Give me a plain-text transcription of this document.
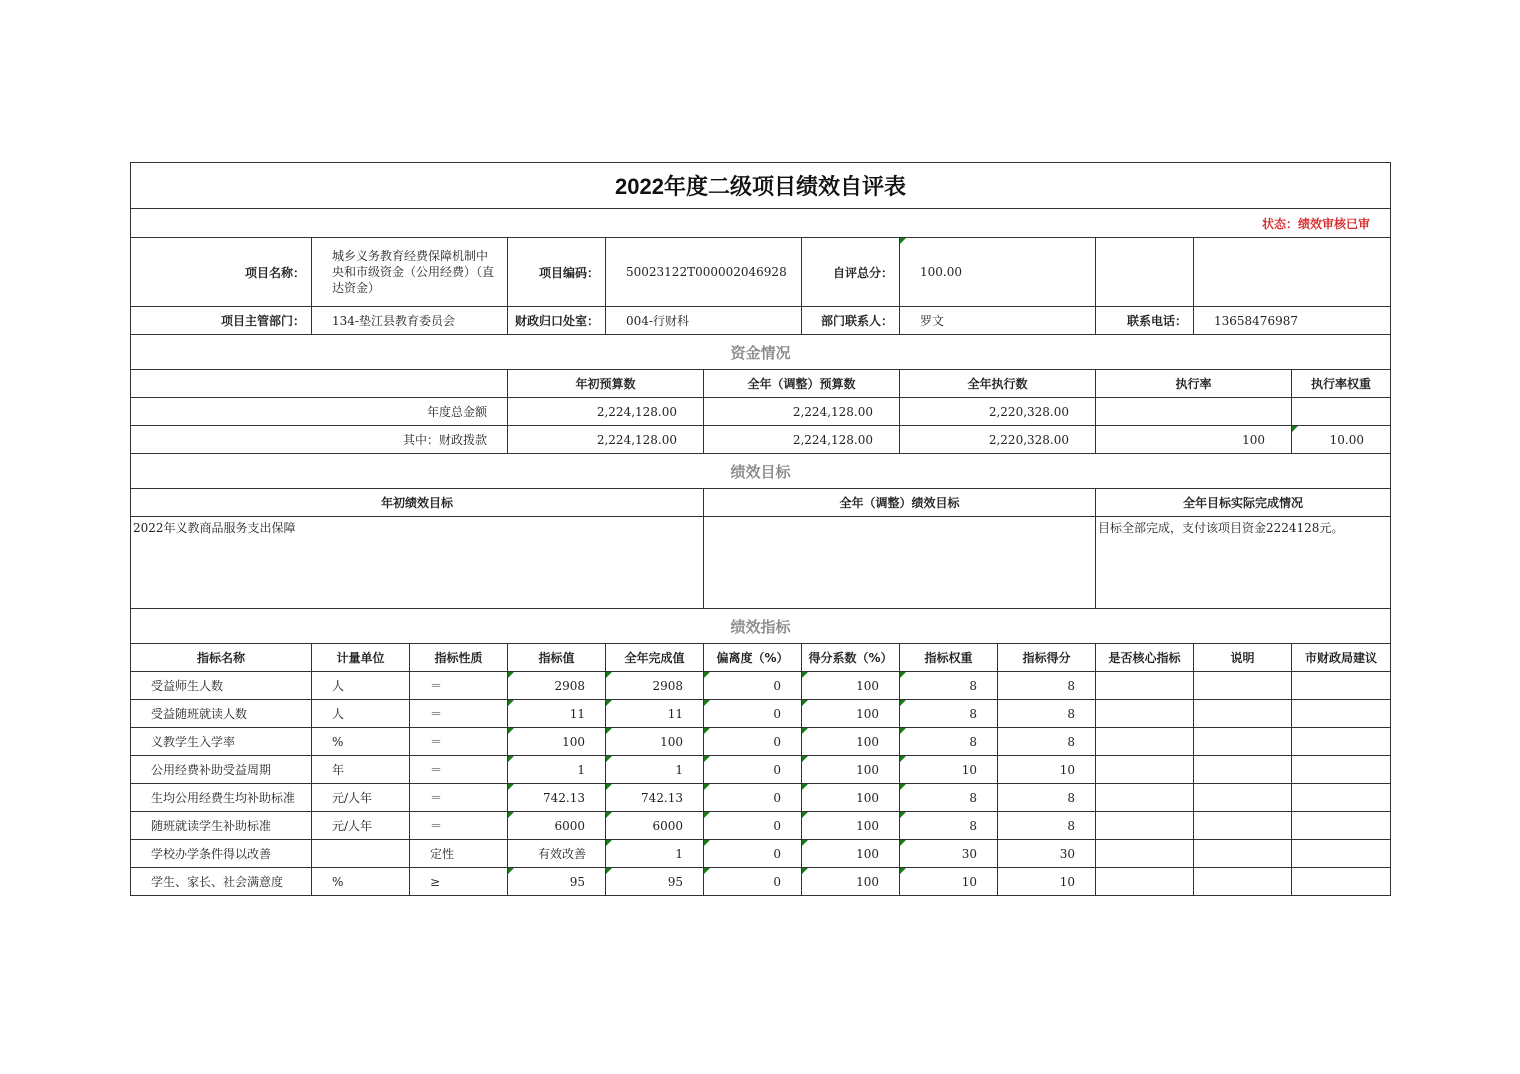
2022年度二级项目绩效自评表												
状态：绩效审核已审												
项目名称：	城乡义务教育经费保障机制中央和市级资金（公用经费）（直达资金）		项目编码：	50023122T000002046928		自评总分：	100.00					
项目主管部门：	134-垫江县教育委员会		财政归口处室：	004-行财科		部门联系人：	罗文		联系电话：	13658476987		
资金情况												
			年初预算数		全年（调整）预算数		全年执行数		执行率		执行率权重	
年度总金额			2,224,128.00		2,224,128.00		2,220,328.00					
其中：财政拨款			2,224,128.00		2,224,128.00		2,220,328.00		100		10.00	
绩效目标												
年初绩效目标					全年（调整）绩效目标				全年目标实际完成情况			
2022年义教商品服务支出保障									目标全部完成，支付该项目资金2224128元。			
绩效指标												
指标名称	计量单位	指标性质	指标值	全年完成值	偏离度（%）	得分系数（%）	指标权重	指标得分	是否核心指标	说明	市财政局建议	
受益师生人数	人	＝	2908	2908	0	100	8	8				
受益随班就读人数	人	＝	11	11	0	100	8	8				
义教学生入学率	%	＝	100	100	0	100	8	8				
公用经费补助受益周期	年	＝	1	1	0	100	10	10				
生均公用经费生均补助标准	元/人年	＝	742.13	742.13	0	100	8	8				
随班就读学生补助标准	元/人年	＝	6000	6000	0	100	8	8				
学校办学条件得以改善		定性	有效改善	1	0	100	30	30				
学生、家长、社会满意度	%	≥	95	95	0	100	10	10				
